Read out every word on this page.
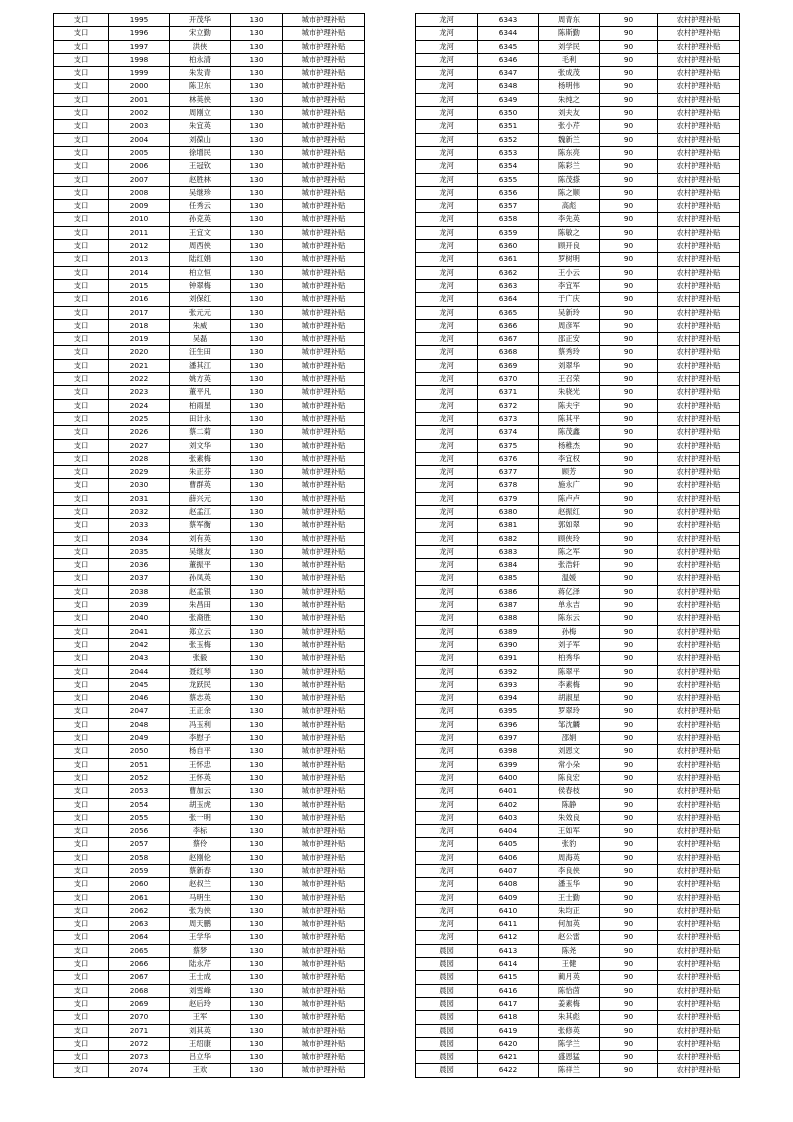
支口	1995	开茂华	130	城市护理补贴
支口	1996	宋立勤	130	城市护理补贴
支口	1997	洪侠	130	城市护理补贴
支口	1998	柏永清	130	城市护理补贴
支口	1999	朱发青	130	城市护理补贴
支口	2000	陈卫东	130	城市护理补贴
支口	2001	林英侠	130	城市护理补贴
支口	2002	周刚立	130	城市护理补贴
支口	2003	朱宜英	130	城市护理补贴
支口	2004	刘葆山	130	城市护理补贴
支口	2005	徐增民	130	城市护理补贴
支口	2006	王冠钦	130	城市护理补贴
支口	2007	赵胜林	130	城市护理补贴
支口	2008	吴继珍	130	城市护理补贴
支口	2009	任秀云	130	城市护理补贴
支口	2010	孙克英	130	城市护理补贴
支口	2011	王宜文	130	城市护理补贴
支口	2012	周西侠	130	城市护理补贴
支口	2013	陆红娟	130	城市护理补贴
支口	2014	柏立恒	130	城市护理补贴
支口	2015	钟翠梅	130	城市护理补贴
支口	2016	刘保红	130	城市护理补贴
支口	2017	张元元	130	城市护理补贴
支口	2018	朱威	130	城市护理补贴
支口	2019	吴磊	130	城市护理补贴
支口	2020	汪生田	130	城市护理补贴
支口	2021	潘其江	130	城市护理补贴
支口	2022	姚方英	130	城市护理补贴
支口	2023	董平凡	130	城市护理补贴
支口	2024	柏雨星	130	城市护理补贴
支口	2025	田计永	130	城市护理补贴
支口	2026	蔡二菊	130	城市护理补贴
支口	2027	刘文华	130	城市护理补贴
支口	2028	张素梅	130	城市护理补贴
支口	2029	朱正芬	130	城市护理补贴
支口	2030	曹群英	130	城市护理补贴
支口	2031	薛兴元	130	城市护理补贴
支口	2032	赵孟江	130	城市护理补贴
支口	2033	蔡军衡	130	城市护理补贴
支口	2034	刘有英	130	城市护理补贴
支口	2035	吴继友	130	城市护理补贴
支口	2036	董振平	130	城市护理补贴
支口	2037	孙凤英	130	城市护理补贴
支口	2038	赵孟银	130	城市护理补贴
支口	2039	朱昌田	130	城市护理补贴
支口	2040	张裔胜	130	城市护理补贴
支口	2041	郑立云	130	城市护理补贴
支口	2042	张玉梅	130	城市护理补贴
支口	2043	张毅	130	城市护理补贴
支口	2044	聂红琴	130	城市护理补贴
支口	2045	龙跃民	130	城市护理补贴
支口	2046	蔡志英	130	城市护理补贴
支口	2047	王正余	130	城市护理补贴
支口	2048	冯玉利	130	城市护理补贴
支口	2049	李慰子	130	城市护理补贴
支口	2050	杨自平	130	城市护理补贴
支口	2051	王怀忠	130	城市护理补贴
支口	2052	王怀英	130	城市护理补贴
支口	2053	曹加云	130	城市护理补贴
支口	2054	胡玉虎	130	城市护理补贴
支口	2055	张一明	130	城市护理补贴
支口	2056	李标	130	城市护理补贴
支口	2057	蔡伶	130	城市护理补贴
支口	2058	赵刚伦	130	城市护理补贴
支口	2059	蔡新春	130	城市护理补贴
支口	2060	赵叔兰	130	城市护理补贴
支口	2061	马明生	130	城市护理补贴
支口	2062	张为侠	130	城市护理补贴
支口	2063	周天鹏	130	城市护理补贴
支口	2064	王学华	130	城市护理补贴
支口	2065	蔡梦	130	城市护理补贴
支口	2066	陆永芹	130	城市护理补贴
支口	2067	王士成	130	城市护理补贴
支口	2068	刘雪峰	130	城市护理补贴
支口	2069	赵后玲	130	城市护理补贴
支口	2070	王军	130	城市护理补贴
支口	2071	刘其英	130	城市护理补贴
支口	2072	王绍康	130	城市护理补贴
支口	2073	吕立华	130	城市护理补贴
支口	2074	王欢	130	城市护理补贴
龙河	6343	周青东	90	农村护理补贴
龙河	6344	陈斯勤	90	农村护理补贴
龙河	6345	刘学民	90	农村护理补贴
龙河	6346	毛利	90	农村护理补贴
龙河	6347	张成茂	90	农村护理补贴
龙河	6348	杨明伟	90	农村护理补贴
龙河	6349	朱纯之	90	农村护理补贴
龙河	6350	刘夫友	90	农村护理补贴
龙河	6351	张小芹	90	农村护理补贴
龙河	6352	魏新兰	90	农村护理补贴
龙河	6353	陈东亮	90	农村护理补贴
龙河	6354	陈彩兰	90	农村护理补贴
龙河	6355	陈茂搽	90	农村护理补贴
龙河	6356	陈之顺	90	农村护理补贴
龙河	6357	高彪	90	农村护理补贴
龙河	6358	李先英	90	农村护理补贴
龙河	6359	陈敏之	90	农村护理补贴
龙河	6360	顾开良	90	农村护理补贴
龙河	6361	罗树明	90	农村护理补贴
龙河	6362	王小云	90	农村护理补贴
龙河	6363	李宜军	90	农村护理补贴
龙河	6364	于广庆	90	农村护理补贴
龙河	6365	吴新玲	90	农村护理补贴
龙河	6366	周彦军	90	农村护理补贴
龙河	6367	邵正安	90	农村护理补贴
龙河	6368	蔡秀玲	90	农村护理补贴
龙河	6369	刘翠华	90	农村护理补贴
龙河	6370	王召荣	90	农村护理补贴
龙河	6371	朱骁光	90	农村护理补贴
龙河	6372	陈夫宇	90	农村护理补贴
龙河	6373	陈其平	90	农村护理补贴
龙河	6374	陈茂鑫	90	农村护理补贴
龙河	6375	杨稚杰	90	农村护理补贴
龙河	6376	李宜权	90	农村护理补贴
龙河	6377	顾芳	90	农村护理补贴
龙河	6378	施永广	90	农村护理补贴
龙河	6379	陈卢卢	90	农村护理补贴
龙河	6380	赵振红	90	农村护理补贴
龙河	6381	郭如翠	90	农村护理补贴
龙河	6382	顾侠玲	90	农村护理补贴
龙河	6383	陈之军	90	农村护理补贴
龙河	6384	张浩轩	90	农村护理补贴
龙河	6385	温媛	90	农村护理补贴
龙河	6386	蒋亿泽	90	农村护理补贴
龙河	6387	单永吉	90	农村护理补贴
龙河	6388	陈东云	90	农村护理补贴
龙河	6389	孙梅	90	农村护理补贴
龙河	6390	刘子军	90	农村护理补贴
龙河	6391	柏秀华	90	农村护理补贴
龙河	6392	陈翠平	90	农村护理补贴
龙河	6393	李素梅	90	农村护理补贴
龙河	6394	胡淑星	90	农村护理补贴
龙河	6395	罗翠玲	90	农村护理补贴
龙河	6396	邹沈麟	90	农村护理补贴
龙河	6397	邵娟	90	农村护理补贴
龙河	6398	刘恩文	90	农村护理补贴
龙河	6399	常小朵	90	农村护理补贴
龙河	6400	陈良宏	90	农村护理补贴
龙河	6401	侯春枝	90	农村护理补贴
龙河	6402	陈静	90	农村护理补贴
龙河	6403	朱效良	90	农村护理补贴
龙河	6404	王如军	90	农村护理补贴
龙河	6405	张豹	90	农村护理补贴
龙河	6406	周海英	90	农村护理补贴
龙河	6407	李良侠	90	农村护理补贴
龙河	6408	潘玉华	90	农村护理补贴
龙河	6409	王士勤	90	农村护理补贴
龙河	6410	朱均正	90	农村护理补贴
龙河	6411	何加英	90	农村护理补贴
龙河	6412	赵公雷	90	农村护理补贴
晨园	6413	陈尧	90	农村护理补贴
晨园	6414	王健	90	农村护理补贴
晨园	6415	蔺月英	90	农村护理补贴
晨园	6416	陈恰茵	90	农村护理补贴
晨园	6417	姜素梅	90	农村护理补贴
晨园	6418	朱其彪	90	农村护理补贴
晨园	6419	张修英	90	农村护理补贴
晨园	6420	陈学兰	90	农村护理补贴
晨园	6421	盛恩猛	90	农村护理补贴
晨园	6422	陈祥兰	90	农村护理补贴
